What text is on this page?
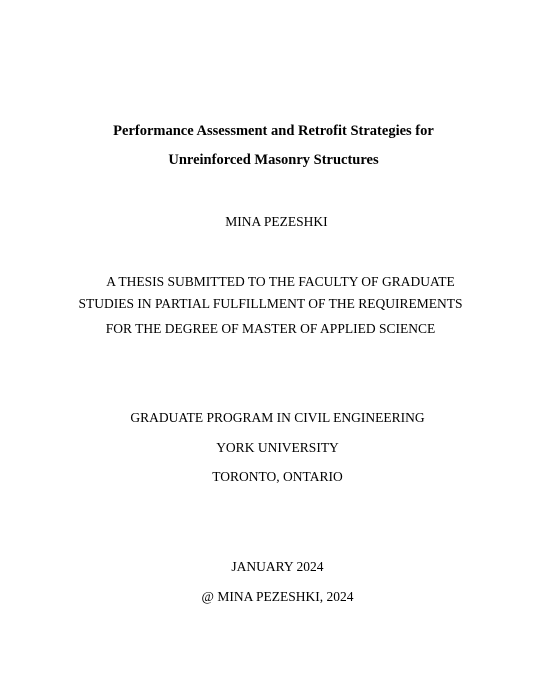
Performance Assessment and Retrofit Strategies for
Unreinforced Masonry Structures
MINA PEZESHKI
A THESIS SUBMITTED TO THE FACULTY OF GRADUATE
STUDIES IN PARTIAL FULFILLMENT OF THE REQUIREMENTS
FOR THE DEGREE OF MASTER OF APPLIED SCIENCE
GRADUATE PROGRAM IN CIVIL ENGINEERING
YORK UNIVERSITY
TORONTO, ONTARIO
JANUARY 2024
@ MINA PEZESHKI, 2024
